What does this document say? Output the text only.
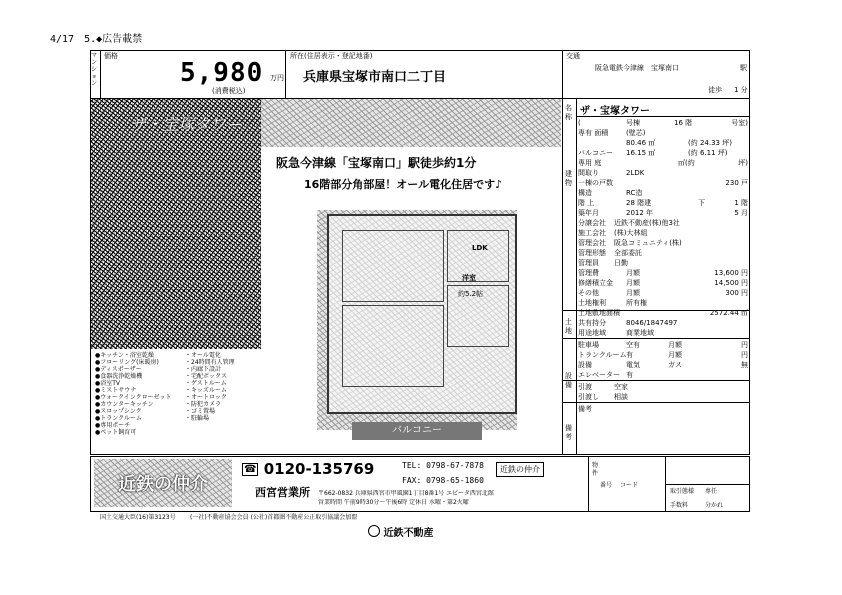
4/17　5.◆広告載禁
マンション
価格
5,980 万円
(消費税込)
所在(住居表示・登記地番)
兵庫県宝塚市南口二丁目
交通
阪急電鉄今津線　宝塚南口	駅
徒歩 1 分
ザ・宝塚タワー
阪急今津線「宝塚南口」駅徒歩約1分
16階部分角部屋！オール電化住居です♪
LDK
洋室
約5.2帖
バルコニー
●キッチン・浴室乾燥
●フローリング(床暖房)
●ディスポーザー
●食器洗浄乾燥機
●浴室TV
●ミストサウナ
●ウォークインクローゼット
●カウンターキッチン
●スロップシンク
●トランクルーム
●専用ポーチ
●ペット飼育可
・オール電化
・24時間有人管理
・内廊下設計
・宅配ボックス
・ゲストルーム
・キッズルーム
・オートロック
・防犯カメラ
・ゴミ置場
・駐輪場
名称
建物
土地
設備
備考
ザ・宝塚タワー
(	号棟	16 階	号室)
専有 面積	(壁芯)
80.46 ㎡	(約 24.33 坪)
バルコニー 16.15 ㎡	(約 6.11 坪)
専用 庭	㎡(約	坪)
間取り	2LDK
一棟の戸数	230 戸
構造	RC造
階 上	28 階建	下	1 階
築年月	2012 年	5 月
分譲会社 近鉄不動産(株)他3社
施工会社 (株)大林組
管理会社 阪急コミュニティ(株)
管理形態 全部委託
管理員 日勤
管理費	月額	13,600 円
修繕積立金 月額	14,500 円
その他	月額	300 円
土地権利	所有権
土地敷地面積	2572.44 ㎡
共有持分	8046/1847497
用途地域	商業地域
駐車場	空有	月額	円
トランクルーム 有	月額	円
設備	電気	ガス	無
エレベーター 有
引渡	空家
引渡し 相談
備考
近鉄の仲介
☎ 0120-135769
西宮営業所
TEL: 0798-67-7878
FAX: 0798-65-1860
近鉄の仲介
〒662-0832 兵庫県西宮市甲風園1丁目8番1号 エビータ西宮北館
営業時間 午前9時30分～午後6時 定休日 水曜・第2火曜
物
件
番号 コード
取引態様 専任
手数料	分かれ
国土交通大臣(16)第3123号 (一社)不動産協会会員 (公社)首都圏不動産公正取引協議会加盟
近鉄不動産
